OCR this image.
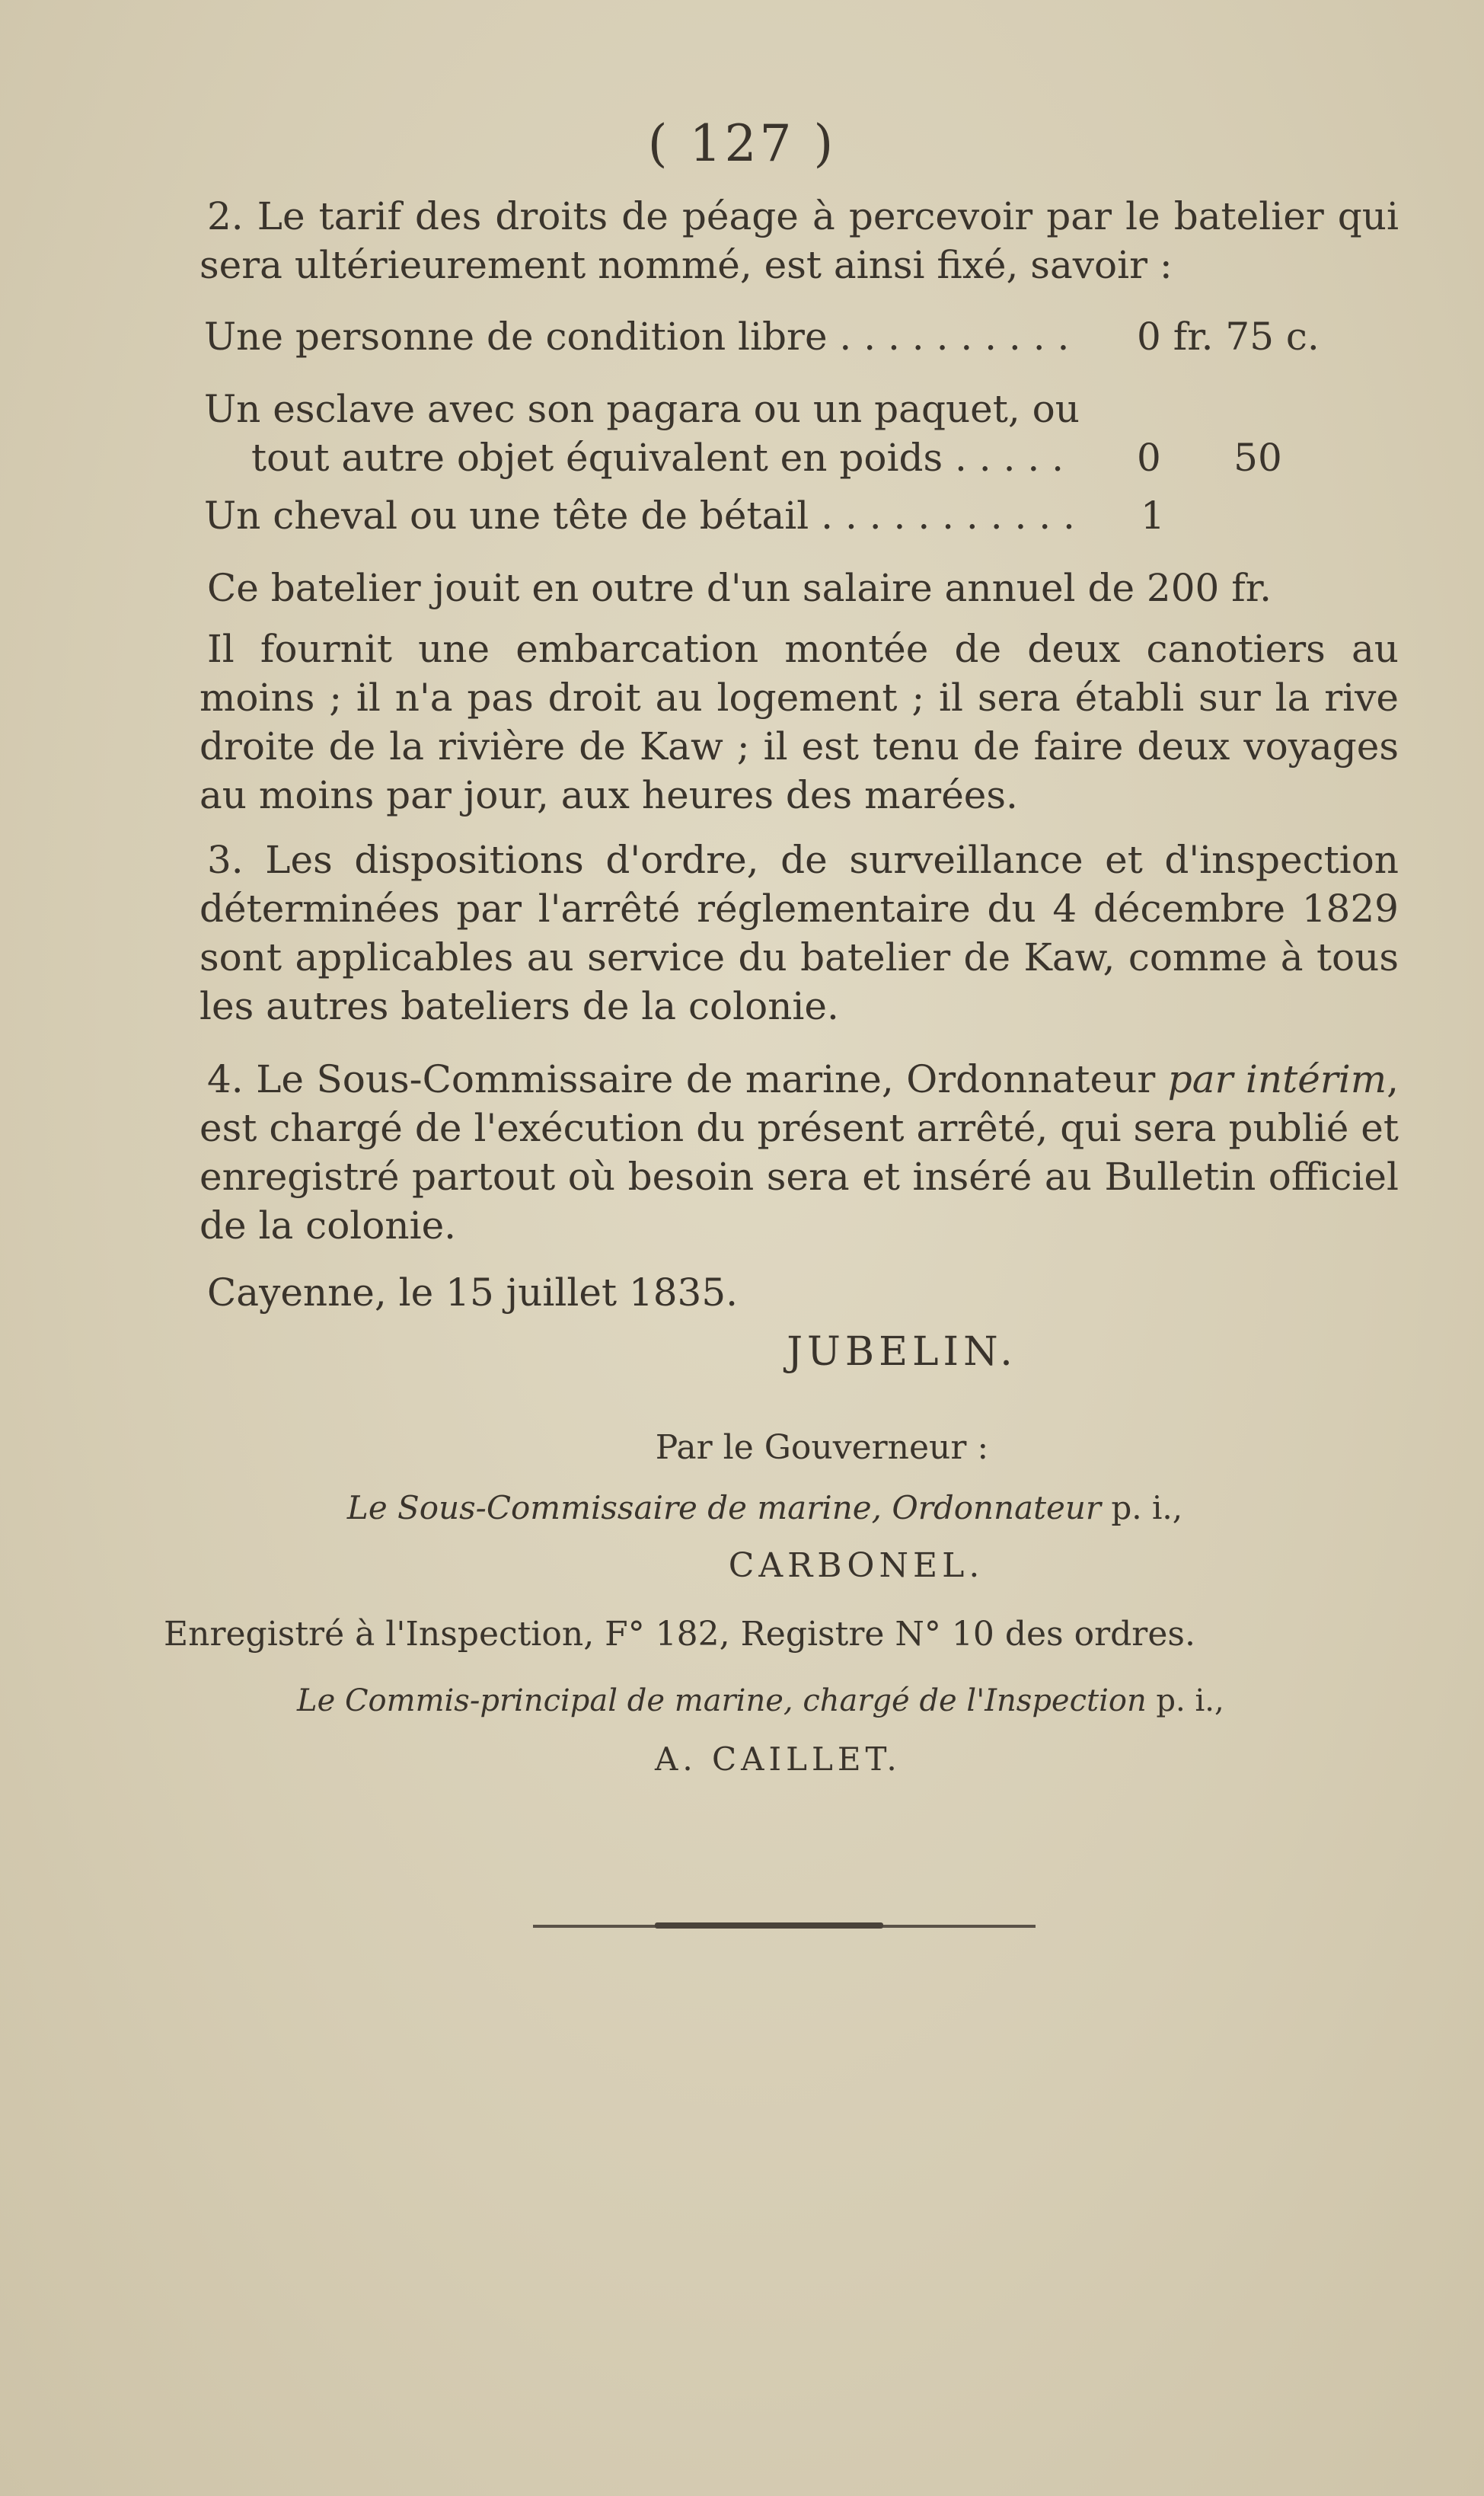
( 127 )

2. Le tarif des droits de péage à percevoir par le batelier qui sera ultérieurement nommé, est ainsi fixé, savoir :

Une personne de condition libre . . . . . . . . . . 0 fr. 75 c.
Un esclave avec son pagara ou un paquet, ou
tout autre objet équivalent en poids . . . . .	0      50
Un cheval ou une tête de bétail . . . . . . . . . . . 1

Ce batelier jouit en outre d'un salaire annuel de 200 fr.

Il fournit une embarcation montée de deux canotiers au moins ; il n'a pas droit au logement ; il sera établi sur la rive droite de la rivière de Kaw ; il est tenu de faire deux voyages au moins par jour, aux heures des marées.

3. Les dispositions d'ordre, de surveillance et d'inspection déterminées par l'arrêté réglementaire du 4 décembre 1829 sont applicables au service du batelier de Kaw, comme à tous les autres bateliers de la colonie.

4. Le Sous-Commissaire de marine, Ordonnateur par intérim, est chargé de l'exécution du présent arrêté, qui sera publié et enregistré partout où besoin sera et inséré au Bulletin officiel de la colonie.

Cayenne, le 15 juillet 1835.

JUBELIN.
Par le Gouverneur :
Le Sous-Commissaire de marine, Ordonnateur p. i.,
CARBONEL.
Enregistré à l'Inspection, F° 182, Registre N° 10 des ordres.
Le Commis-principal de marine, chargé de l'Inspection p. i.,
A. CAILLET.
